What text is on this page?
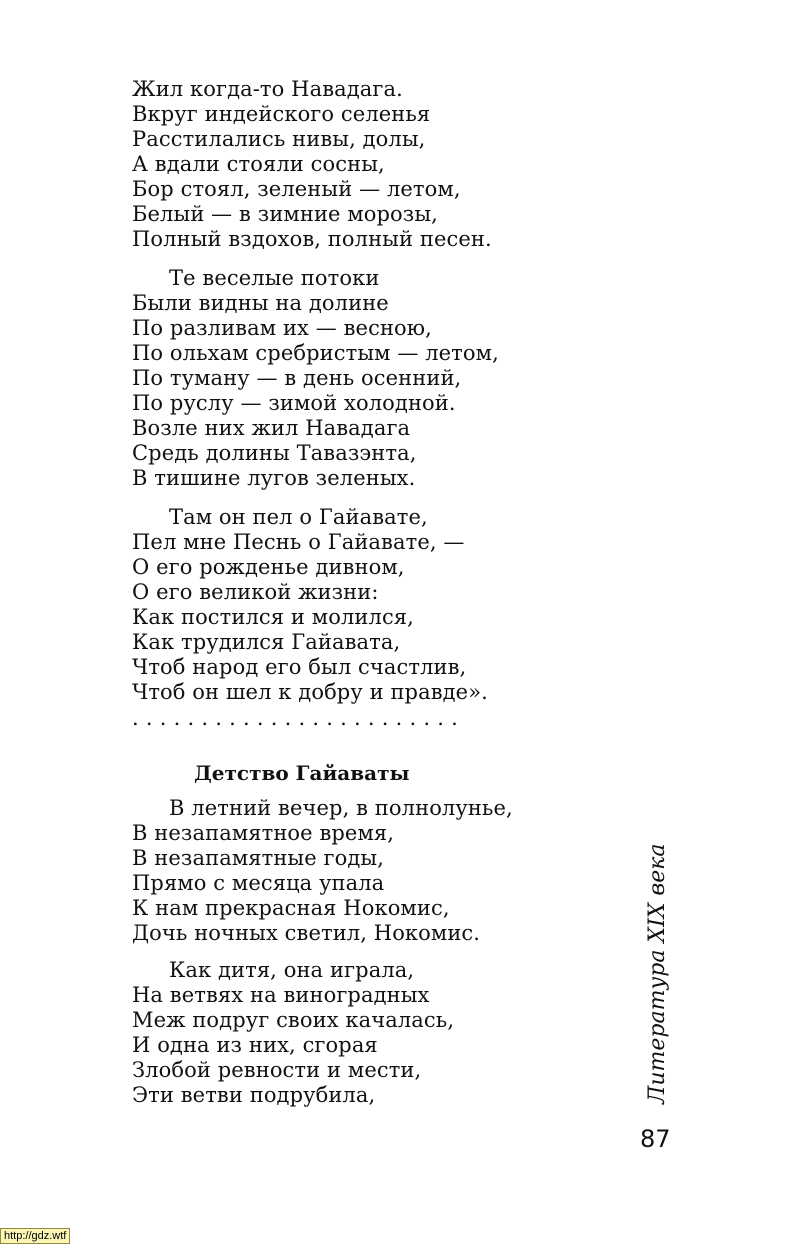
Жил когда-то Навадага.
Вкруг индейского селенья
Расстилались нивы, долы,
А вдали стояли сосны,
Бор стоял, зеленый — летом,
Белый — в зимние морозы,
Полный вздохов, полный песен.
Те веселые потоки
Были видны на долине
По разливам их — весною,
По ольхам сребристым — летом,
По туману — в день осенний,
По руслу — зимой холодной.
Возле них жил Навадага
Средь долины Тавазэнта,
В тишине лугов зеленых.
Там он пел о Гайавате,
Пел мне Песнь о Гайавате, —
О его рожденье дивном,
О его великой жизни:
Как постился и молился,
Как трудился Гайавата,
Чтоб народ его был счастлив,
Чтоб он шел к добру и правде».
........................
Детство Гайаваты
В летний вечер, в полнолунье,
В незапамятное время,
В незапамятные годы,
Прямо с месяца упала
К нам прекрасная Нокомис,
Дочь ночных светил, Нокомис.
Как дитя, она играла,
На ветвях на виноградных
Меж подруг своих качалась,
И одна из них, сгорая
Злобой ревности и мести,
Эти ветви подрубила,	Литература XIX века
87
http://gdz.wtf
